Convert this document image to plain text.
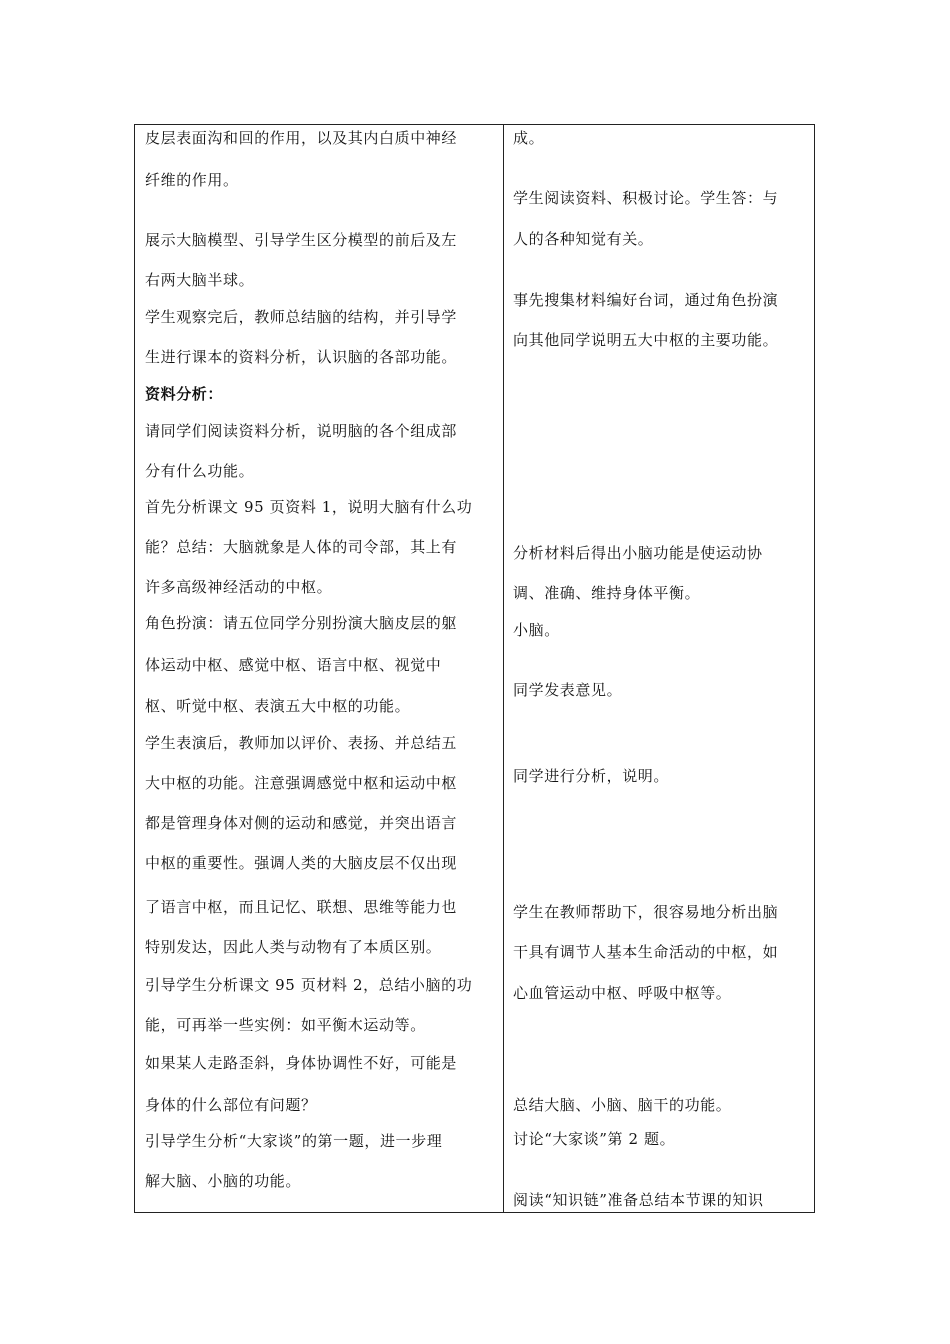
皮层表面沟和回的作用，以及其内白质中神经
纤维的作用。
展示大脑模型、引导学生区分模型的前后及左
右两大脑半球。
学生观察完后，教师总结脑的结构，并引导学
生进行课本的资料分析，认识脑的各部功能。
资料分析：
请同学们阅读资料分析，说明脑的各个组成部
分有什么功能。
首先分析课文 95 页资料 1，说明大脑有什么功
能？总结：大脑就象是人体的司令部，其上有
许多高级神经活动的中枢。
角色扮演：请五位同学分别扮演大脑皮层的躯
体运动中枢、感觉中枢、语言中枢、视觉中
枢、听觉中枢、表演五大中枢的功能。
学生表演后，教师加以评价、表扬、并总结五
大中枢的功能。注意强调感觉中枢和运动中枢
都是管理身体对侧的运动和感觉，并突出语言
中枢的重要性。强调人类的大脑皮层不仅出现
了语言中枢，而且记忆、联想、思维等能力也
特别发达，因此人类与动物有了本质区别。
引导学生分析课文 95 页材料 2，总结小脑的功
能，可再举一些实例：如平衡木运动等。
如果某人走路歪斜，身体协调性不好，可能是
身体的什么部位有问题？
引导学生分析“大家谈”的第一题，进一步理
解大脑、小脑的功能。
成。
学生阅读资料、积极讨论。学生答：与
人的各种知觉有关。
事先搜集材料编好台词，通过角色扮演
向其他同学说明五大中枢的主要功能。
分析材料后得出小脑功能是使运动协
调、准确、维持身体平衡。
小脑。
同学发表意见。
同学进行分析，说明。
学生在教师帮助下，很容易地分析出脑
干具有调节人基本生命活动的中枢，如
心血管运动中枢、呼吸中枢等。
总结大脑、小脑、脑干的功能。
讨论“大家谈”第 2 题。
阅读“知识链”准备总结本节课的知识
